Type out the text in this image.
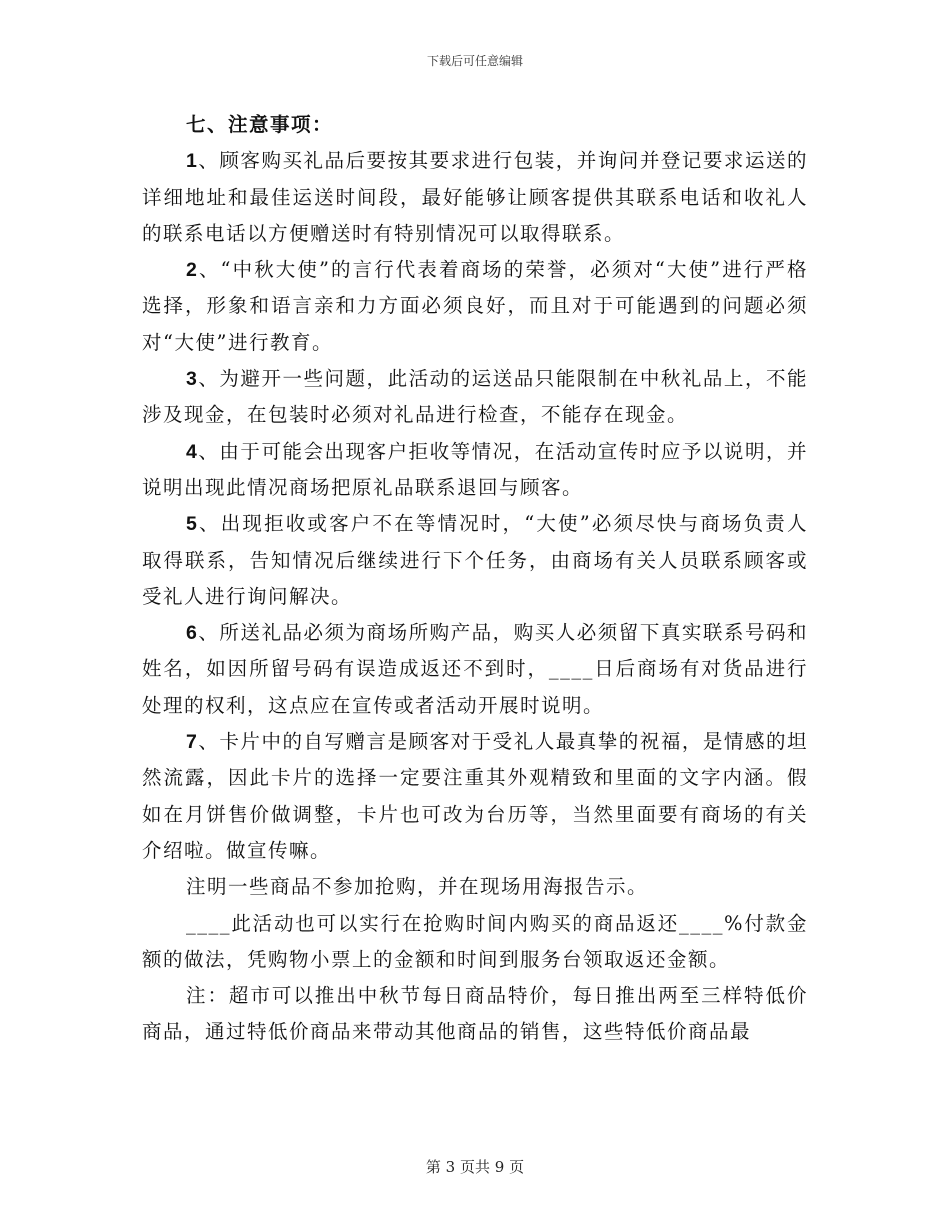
下载后可任意编辑

七、注意事项：

1、顾客购买礼品后要按其要求进行包装，并询问并登记要求运送的详细地址和最佳运送时间段，最好能够让顾客提供其联系电话和收礼人的联系电话以方便赠送时有特别情况可以取得联系。

2、“中秋大使”的言行代表着商场的荣誉，必须对“大使”进行严格选择，形象和语言亲和力方面必须良好，而且对于可能遇到的问题必须对“大使”进行教育。

3、为避开一些问题，此活动的运送品只能限制在中秋礼品上，不能涉及现金，在包装时必须对礼品进行检查，不能存在现金。

4、由于可能会出现客户拒收等情况，在活动宣传时应予以说明，并说明出现此情况商场把原礼品联系退回与顾客。

5、出现拒收或客户不在等情况时，“大使”必须尽快与商场负责人取得联系，告知情况后继续进行下个任务，由商场有关人员联系顾客或受礼人进行询问解决。

6、所送礼品必须为商场所购产品，购买人必须留下真实联系号码和姓名，如因所留号码有误造成返还不到时，____日后商场有对货品进行处理的权利，这点应在宣传或者活动开展时说明。

7、卡片中的自写赠言是顾客对于受礼人最真挚的祝福，是情感的坦然流露，因此卡片的选择一定要注重其外观精致和里面的文字内涵。假如在月饼售价做调整，卡片也可改为台历等，当然里面要有商场的有关介绍啦。做宣传嘛。

注明一些商品不参加抢购，并在现场用海报告示。

____此活动也可以实行在抢购时间内购买的商品返还____%付款金额的做法，凭购物小票上的金额和时间到服务台领取返还金额。

注：超市可以推出中秋节每日商品特价，每日推出两至三样特低价商品，通过特低价商品来带动其他商品的销售，这些特低价商品最

第 3 页共 9 页
